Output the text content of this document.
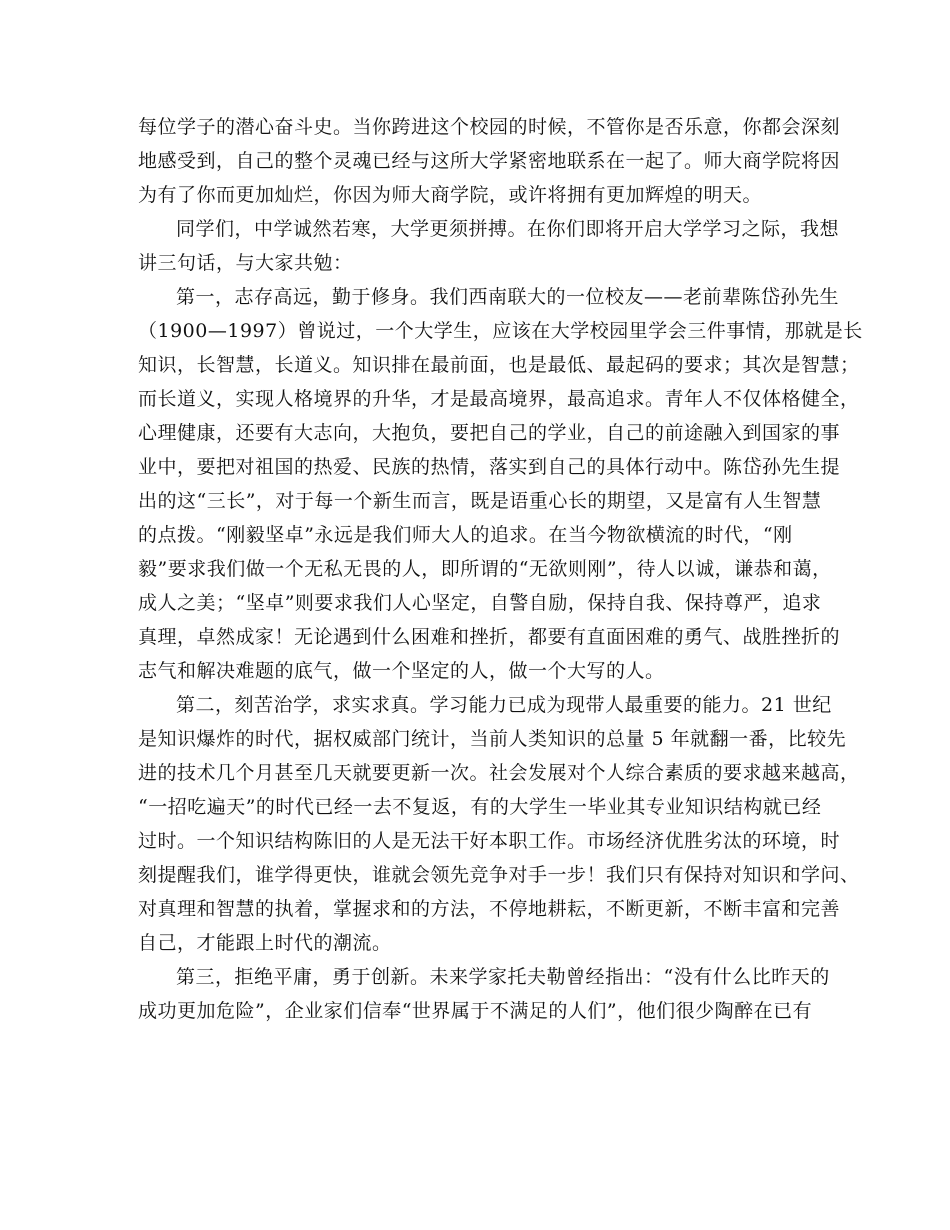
每位学子的潜心奋斗史。当你跨进这个校园的时候，不管你是否乐意，你都会深刻
地感受到，自己的整个灵魂已经与这所大学紧密地联系在一起了。师大商学院将因
为有了你而更加灿烂，你因为师大商学院，或许将拥有更加辉煌的明天。
同学们，中学诚然若寒，大学更须拼搏。在你们即将开启大学学习之际，我想
讲三句话，与大家共勉：
第一，志存高远，勤于修身。我们西南联大的一位校友——老前辈陈岱孙先生
（1900—1997）曾说过，一个大学生，应该在大学校园里学会三件事情，那就是长
知识，长智慧，长道义。知识排在最前面，也是最低、最起码的要求；其次是智慧；
而长道义，实现人格境界的升华，才是最高境界，最高追求。青年人不仅体格健全，
心理健康，还要有大志向，大抱负，要把自己的学业，自己的前途融入到国家的事
业中，要把对祖国的热爱、民族的热情，落实到自己的具体行动中。陈岱孙先生提
出的这“三长”，对于每一个新生而言，既是语重心长的期望，又是富有人生智慧
的点拨。“刚毅坚卓”永远是我们师大人的追求。在当今物欲横流的时代，“刚
毅”要求我们做一个无私无畏的人，即所谓的“无欲则刚”，待人以诚，谦恭和蔼，
成人之美；“坚卓”则要求我们人心坚定，自警自励，保持自我、保持尊严，追求
真理，卓然成家！无论遇到什么困难和挫折，都要有直面困难的勇气、战胜挫折的
志气和解决难题的底气，做一个坚定的人，做一个大写的人。
第二，刻苦治学，求实求真。学习能力已成为现带人最重要的能力。21 世纪
是知识爆炸的时代，据权威部门统计，当前人类知识的总量 5 年就翻一番，比较先
进的技术几个月甚至几天就要更新一次。社会发展对个人综合素质的要求越来越高，
“一招吃遍天”的时代已经一去不复返，有的大学生一毕业其专业知识结构就已经
过时。一个知识结构陈旧的人是无法干好本职工作。市场经济优胜劣汰的环境，时
刻提醒我们，谁学得更快，谁就会领先竞争对手一步！我们只有保持对知识和学问、
对真理和智慧的执着，掌握求和的方法，不停地耕耘，不断更新，不断丰富和完善
自己，才能跟上时代的潮流。
第三，拒绝平庸，勇于创新。未来学家托夫勒曾经指出：“没有什么比昨天的
成功更加危险”，企业家们信奉“世界属于不满足的人们”，他们很少陶醉在已有
